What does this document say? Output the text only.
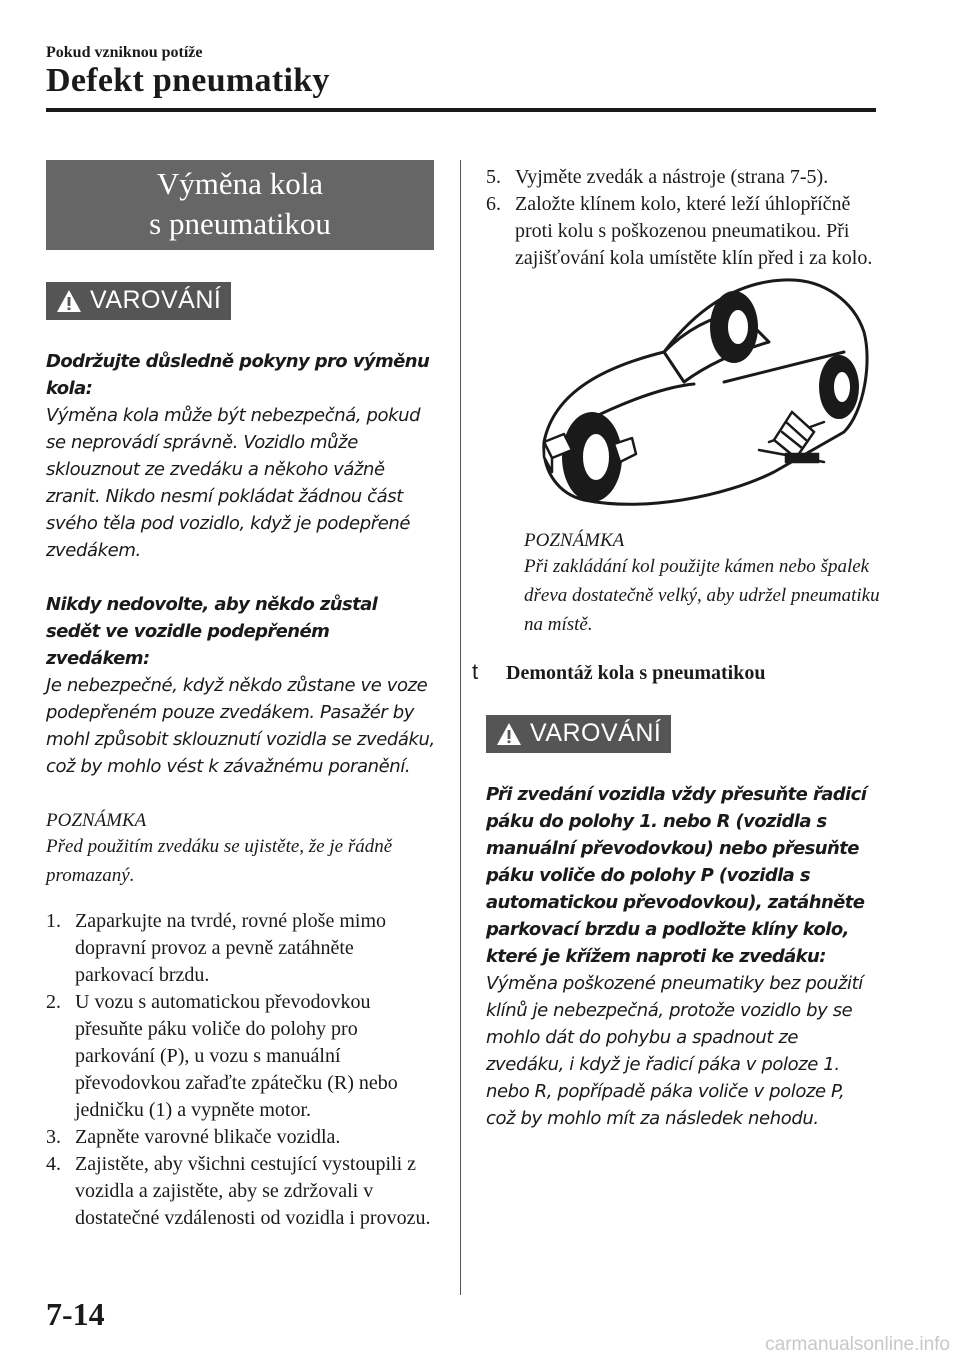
Pokud vzniknou potíže
Defekt pneumatiky
Výměna kola
s pneumatikou
VAROVÁNÍ
Dodržujte důsledně pokyny pro výměnu kola:
Výměna kola může být nebezpečná, pokud se neprovádí správně. Vozidlo může sklouznout ze zvedáku a někoho vážně zranit. Nikdo nesmí pokládat žádnou část svého těla pod vozidlo, když je podepřené zvedákem.
Nikdy nedovolte, aby někdo zůstal sedět ve vozidle podepřeném zvedákem:
Je nebezpečné, když někdo zůstane ve voze podepřeném pouze zvedákem. Pasažér by mohl způsobit sklouznutí vozidla se zvedáku, což by mohlo vést k závažnému poranění.
POZNÁMKA
Před použitím zvedáku se ujistěte, že je řádně promazaný.
1. Zaparkujte na tvrdé, rovné ploše mimo dopravní provoz a pevně zatáhněte parkovací brzdu.
2. U vozu s automatickou převodovkou přesuňte páku voliče do polohy pro parkování (P), u vozu s manuální převodovkou zařaďte zpátečku (R) nebo jedničku (1) a vypněte motor.
3. Zapněte varovné blikače vozidla.
4. Zajistěte, aby všichni cestující vystoupili z vozidla a zajistěte, aby se zdržovali v dostatečné vzdálenosti od vozidla i provozu.
5. Vyjměte zvedák a nástroje (strana 7-5).
6. Založte klínem kolo, které leží úhlopříčně proti kolu s poškozenou pneumatikou. Při zajišťování kola umístěte klín před i za kolo.
POZNÁMKA
Při zakládání kol použijte kámen nebo špalek dřeva dostatečně velký, aby udržel pneumatiku na místě.
t	Demontáž kola s pneumatikou
VAROVÁNÍ
Při zvedání vozidla vždy přesuňte řadicí páku do polohy 1. nebo R (vozidla s manuální převodovkou) nebo přesuňte páku voliče do polohy P (vozidla s automatickou převodovkou), zatáhněte parkovací brzdu a podložte klíny kolo, které je křížem naproti ke zvedáku:
Výměna poškozené pneumatiky bez použití klínů je nebezpečná, protože vozidlo by se mohlo dát do pohybu a spadnout ze zvedáku, i když je řadicí páka v poloze 1. nebo R, popřípadě páka voliče v poloze P, což by mohlo mít za následek nehodu.
7-14
carmanualsonline.info
